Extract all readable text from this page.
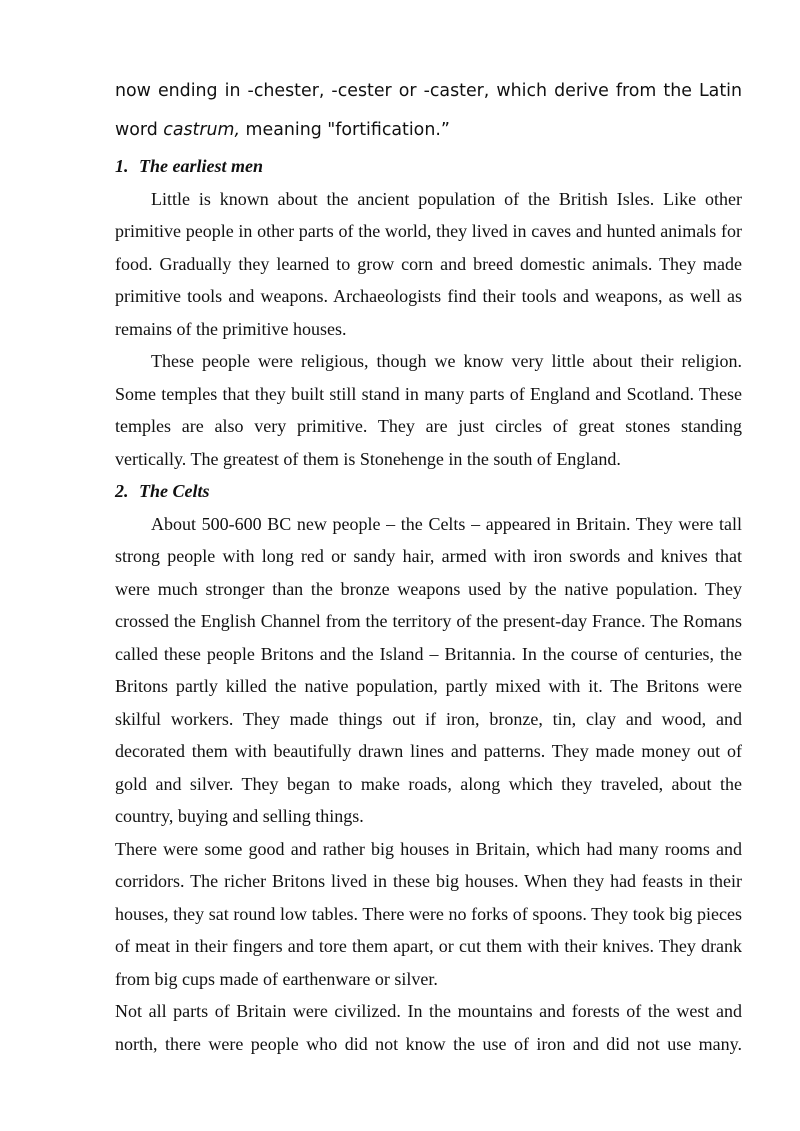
now ending in -chester, -cester or -caster, which derive from the Latin word castrum, meaning "fortification.”

1. The earliest men

Little is known about the ancient population of the British Isles. Like other primitive people in other parts of the world, they lived in caves and hunted animals for food. Gradually they learned to grow corn and breed domestic animals. They made primitive tools and weapons. Archaeologists find their tools and weapons, as well as remains of the primitive houses.

These people were religious, though we know very little about their religion. Some temples that they built still stand in many parts of England and Scotland. These temples are also very primitive. They are just circles of great stones standing vertically. The greatest of them is Stonehenge in the south of England.

2. The Celts

About 500-600 BC new people – the Celts – appeared in Britain. They were tall strong people with long red or sandy hair, armed with iron swords and knives that were much stronger than the bronze weapons used by the native population. They crossed the English Channel from the territory of the present-day France. The Romans called these people Britons and the Island – Britannia. In the course of centuries, the Britons partly killed the native population, partly mixed with it. The Britons were skilful workers. They made things out if iron, bronze, tin, clay and wood, and decorated them with beautifully drawn lines and patterns. They made money out of gold and silver. They began to make roads, along which they traveled, about the country, buying and selling things.

There were some good and rather big houses in Britain, which had many rooms and corridors. The richer Britons lived in these big houses. When they had feasts in their houses, they sat round low tables. There were no forks of spoons. They took big pieces of meat in their fingers and tore them apart, or cut them with their knives. They drank from big cups made of earthenware or silver.

Not all parts of Britain were civilized. In the mountains and forests of the west and north, there were people who did not know the use of iron and did not use many.
